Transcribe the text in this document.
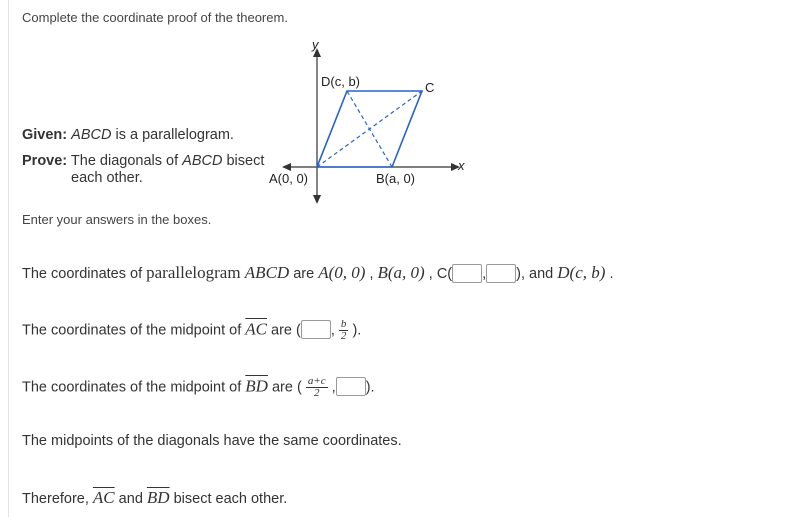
Complete the coordinate proof of the theorem.
y
x
A(0, 0)	B(a, 0)
C
D(c, b)
Given: ABCD is a parallelogram.
Prove: The diagonals of ABCD bisect
each other.
Enter your answers in the boxes.
The coordinates of parallelogram ABCD are A(0, 0) , B(a, 0) , C( , ), and D(c, b) .
The coordinates of the midpoint of $\overline{AC}$ are ( , $\frac{b}{2}$ ).
The coordinates of the midpoint of $\overline{BD}$ are ( $\frac{a+c}{2}$ , ).
The midpoints of the diagonals have the same coordinates.
Therefore, $\overline{AC}$ and $\overline{BD}$ bisect each other.
